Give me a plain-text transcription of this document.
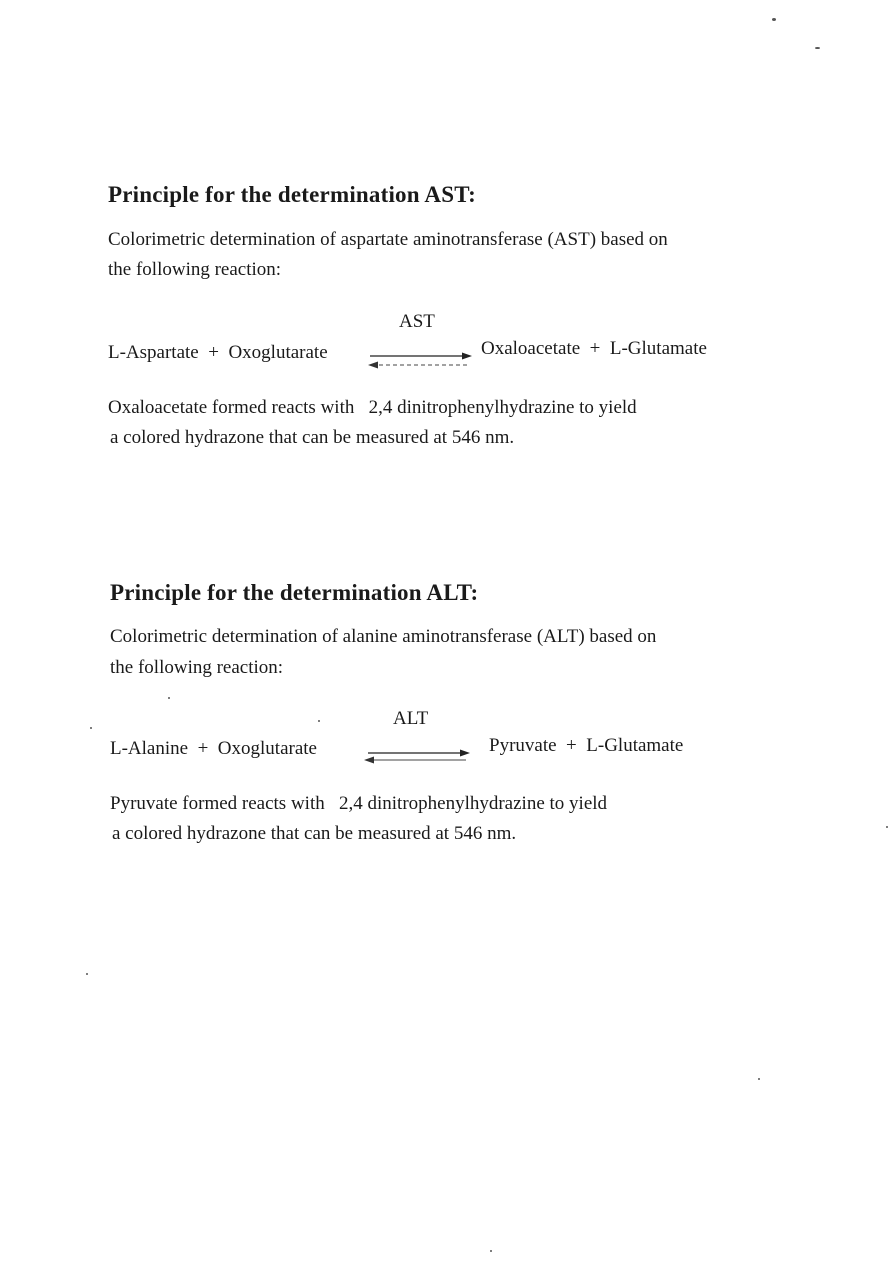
Principle for the determination AST:
Colorimetric determination of aspartate aminotransferase (AST) based on
the following reaction:
AST
L-Aspartate  +  Oxoglutarate	Oxaloacetate  +  L-Glutamate
Oxaloacetate formed reacts with   2,4 dinitrophenylhydrazine to yield
a colored hydrazone that can be measured at 546 nm.
Principle for the determination ALT:
Colorimetric determination of alanine aminotransferase (ALT) based on
the following reaction:
ALT
L-Alanine  +  Oxoglutarate	Pyruvate  +  L-Glutamate
Pyruvate formed reacts with   2,4 dinitrophenylhydrazine to yield
a colored hydrazone that can be measured at 546 nm.
